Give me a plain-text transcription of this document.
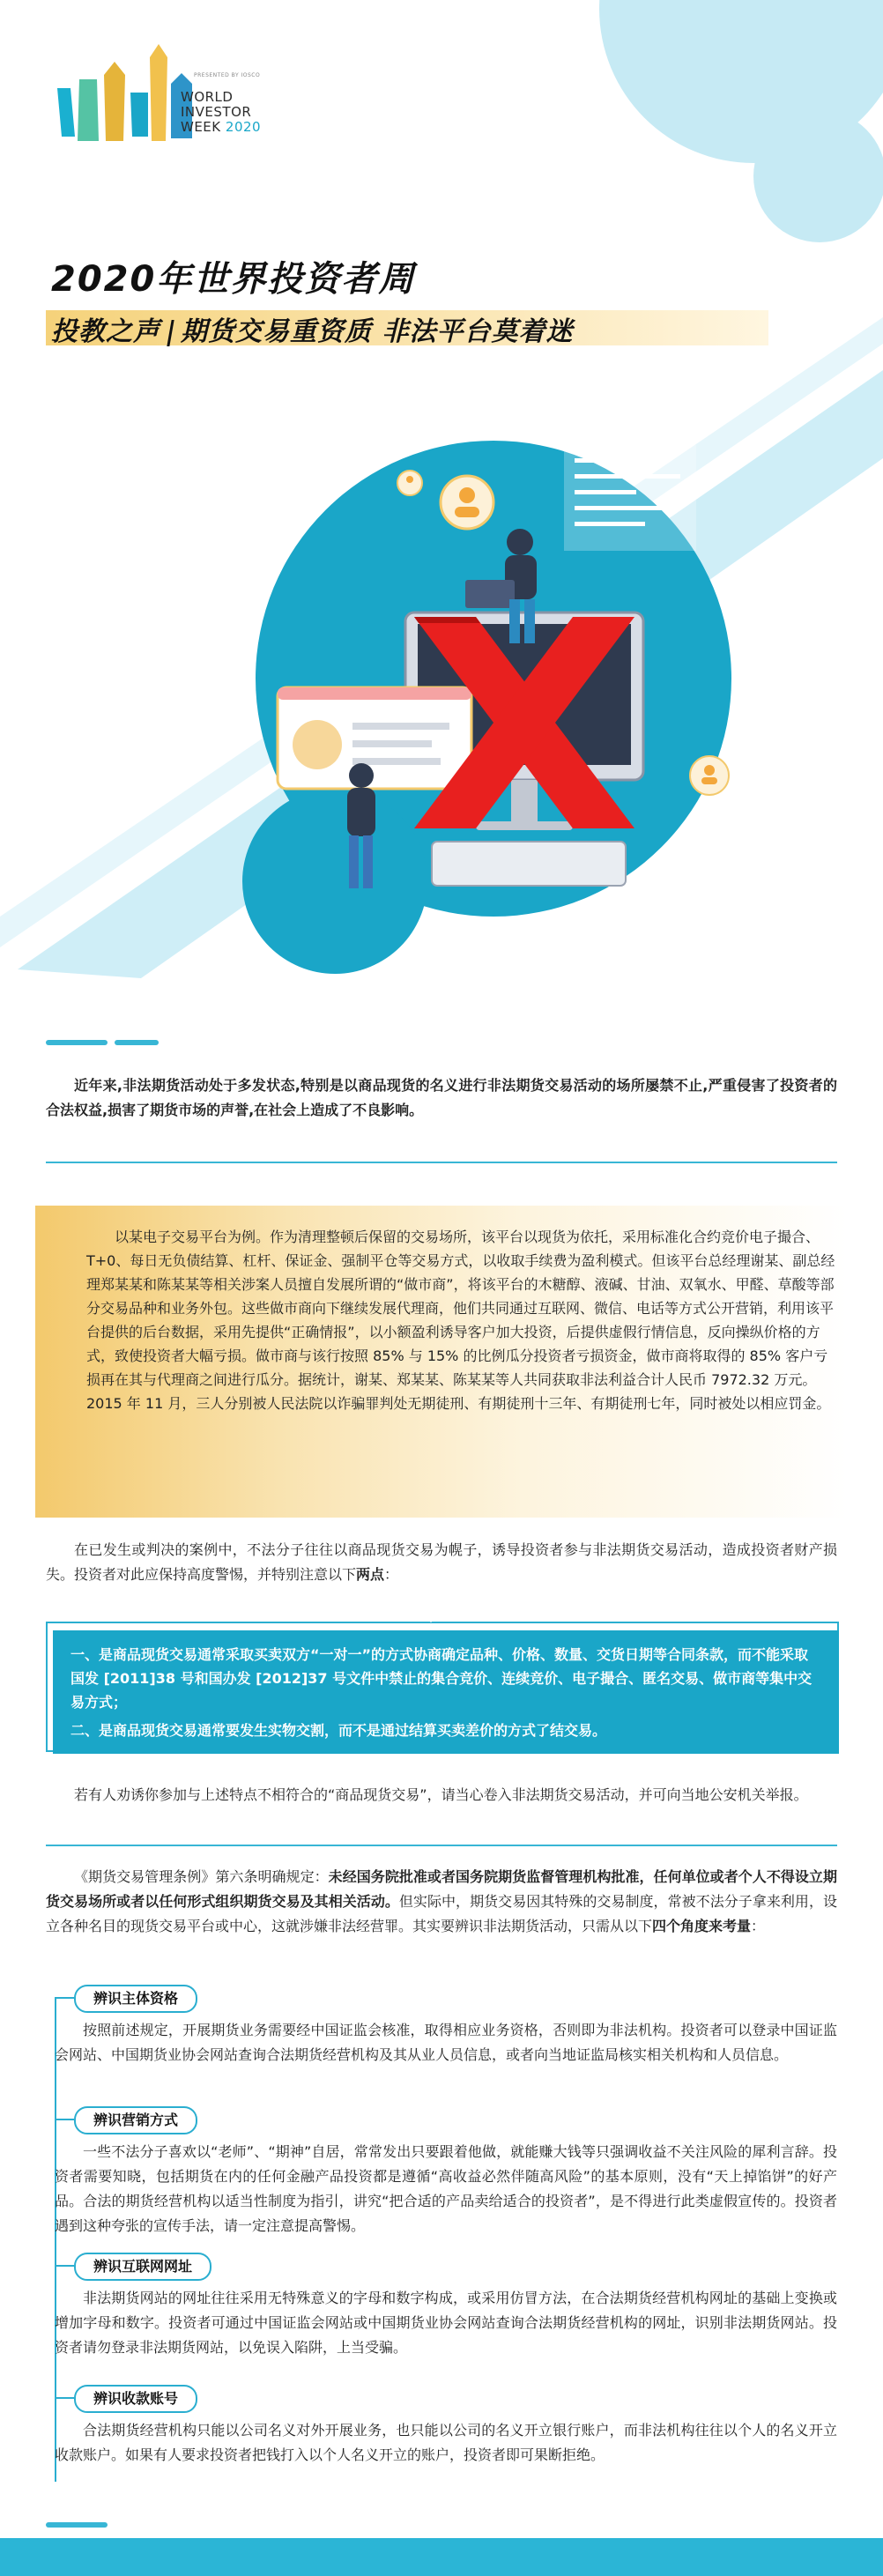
PRESENTED BY IOSCO
WORLD
INVESTOR
WEEK 2020
2020年世界投资者周
投教之声 期货交易重资质 非法平台莫着迷
近年来,非法期货活动处于多发状态,特别是以商品现货的名义进行非法期货交易活动的场所屡禁不止,严重侵害了投资者的合法权益,损害了期货市场的声誉,在社会上造成了不良影响。
以某电子交易平台为例。作为清理整顿后保留的交易场所，该平台以现货为依托，采用标准化合约竞价电子撮合、T+0、每日无负债结算、杠杆、保证金、强制平仓等交易方式，以收取手续费为盈利模式。但该平台总经理谢某、副总经理郑某某和陈某某等相关涉案人员擅自发展所谓的“做市商”，将该平台的木糖醇、液碱、甘油、双氧水、甲醛、草酸等部分交易品种和业务外包。这些做市商向下继续发展代理商，他们共同通过互联网、微信、电话等方式公开营销，利用该平台提供的后台数据，采用先提供“正确情报”，以小额盈利诱导客户加大投资，后提供虚假行情信息，反向操纵价格的方式，致使投资者大幅亏损。做市商与该行按照 85% 与 15% 的比例瓜分投资者亏损资金，做市商将取得的 85% 客户亏损再在其与代理商之间进行瓜分。据统计，谢某、郑某某、陈某某等人共同获取非法利益合计人民币 7972.32 万元。2015 年 11 月，三人分别被人民法院以诈骗罪判处无期徒刑、有期徒刑十三年、有期徒刑七年，同时被处以相应罚金。
在已发生或判决的案例中，不法分子往往以商品现货交易为幌子，诱导投资者参与非法期货交易活动，造成投资者财产损失。投资者对此应保持高度警惕，并特别注意以下两点：
一、是商品现货交易通常采取买卖双方“一对一”的方式协商确定品种、价格、数量、交货日期等合同条款，而不能采取国发 [2011]38 号和国办发 [2012]37 号文件中禁止的集合竞价、连续竞价、电子撮合、匿名交易、做市商等集中交易方式；
二、是商品现货交易通常要发生实物交割，而不是通过结算买卖差价的方式了结交易。
若有人劝诱你参加与上述特点不相符合的“商品现货交易”，请当心卷入非法期货交易活动，并可向当地公安机关举报。
《期货交易管理条例》第六条明确规定：未经国务院批准或者国务院期货监督管理机构批准，任何单位或者个人不得设立期货交易场所或者以任何形式组织期货交易及其相关活动。但实际中，期货交易因其特殊的交易制度，常被不法分子拿来利用，设立各种名目的现货交易平台或中心，这就涉嫌非法经营罪。其实要辨识非法期货活动，只需从以下四个角度来考量：
辨识主体资格
按照前述规定，开展期货业务需要经中国证监会核准，取得相应业务资格，否则即为非法机构。投资者可以登录中国证监会网站、中国期货业协会网站查询合法期货经营机构及其从业人员信息，或者向当地证监局核实相关机构和人员信息。
辨识营销方式
一些不法分子喜欢以“老师”、“期神”自居，常常发出只要跟着他做，就能赚大钱等只强调收益不关注风险的犀利言辞。投资者需要知晓，包括期货在内的任何金融产品投资都是遵循“高收益必然伴随高风险”的基本原则，没有“天上掉馅饼”的好产品。合法的期货经营机构以适当性制度为指引，讲究“把合适的产品卖给适合的投资者”，是不得进行此类虚假宣传的。投资者遇到这种夸张的宣传手法，请一定注意提高警惕。
辨识互联网网址
非法期货网站的网址往往采用无特殊意义的字母和数字构成，或采用仿冒方法，在合法期货经营机构网址的基础上变换或增加字母和数字。投资者可通过中国证监会网站或中国期货业协会网站查询合法期货经营机构的网址，识别非法期货网站。投资者请勿登录非法期货网站，以免误入陷阱，上当受骗。
辨识收款账号
合法期货经营机构只能以公司名义对外开展业务，也只能以公司的名义开立银行账户，而非法机构往往以个人的名义开立收款账户。如果有人要求投资者把钱打入以个人名义开立的账户，投资者即可果断拒绝。
